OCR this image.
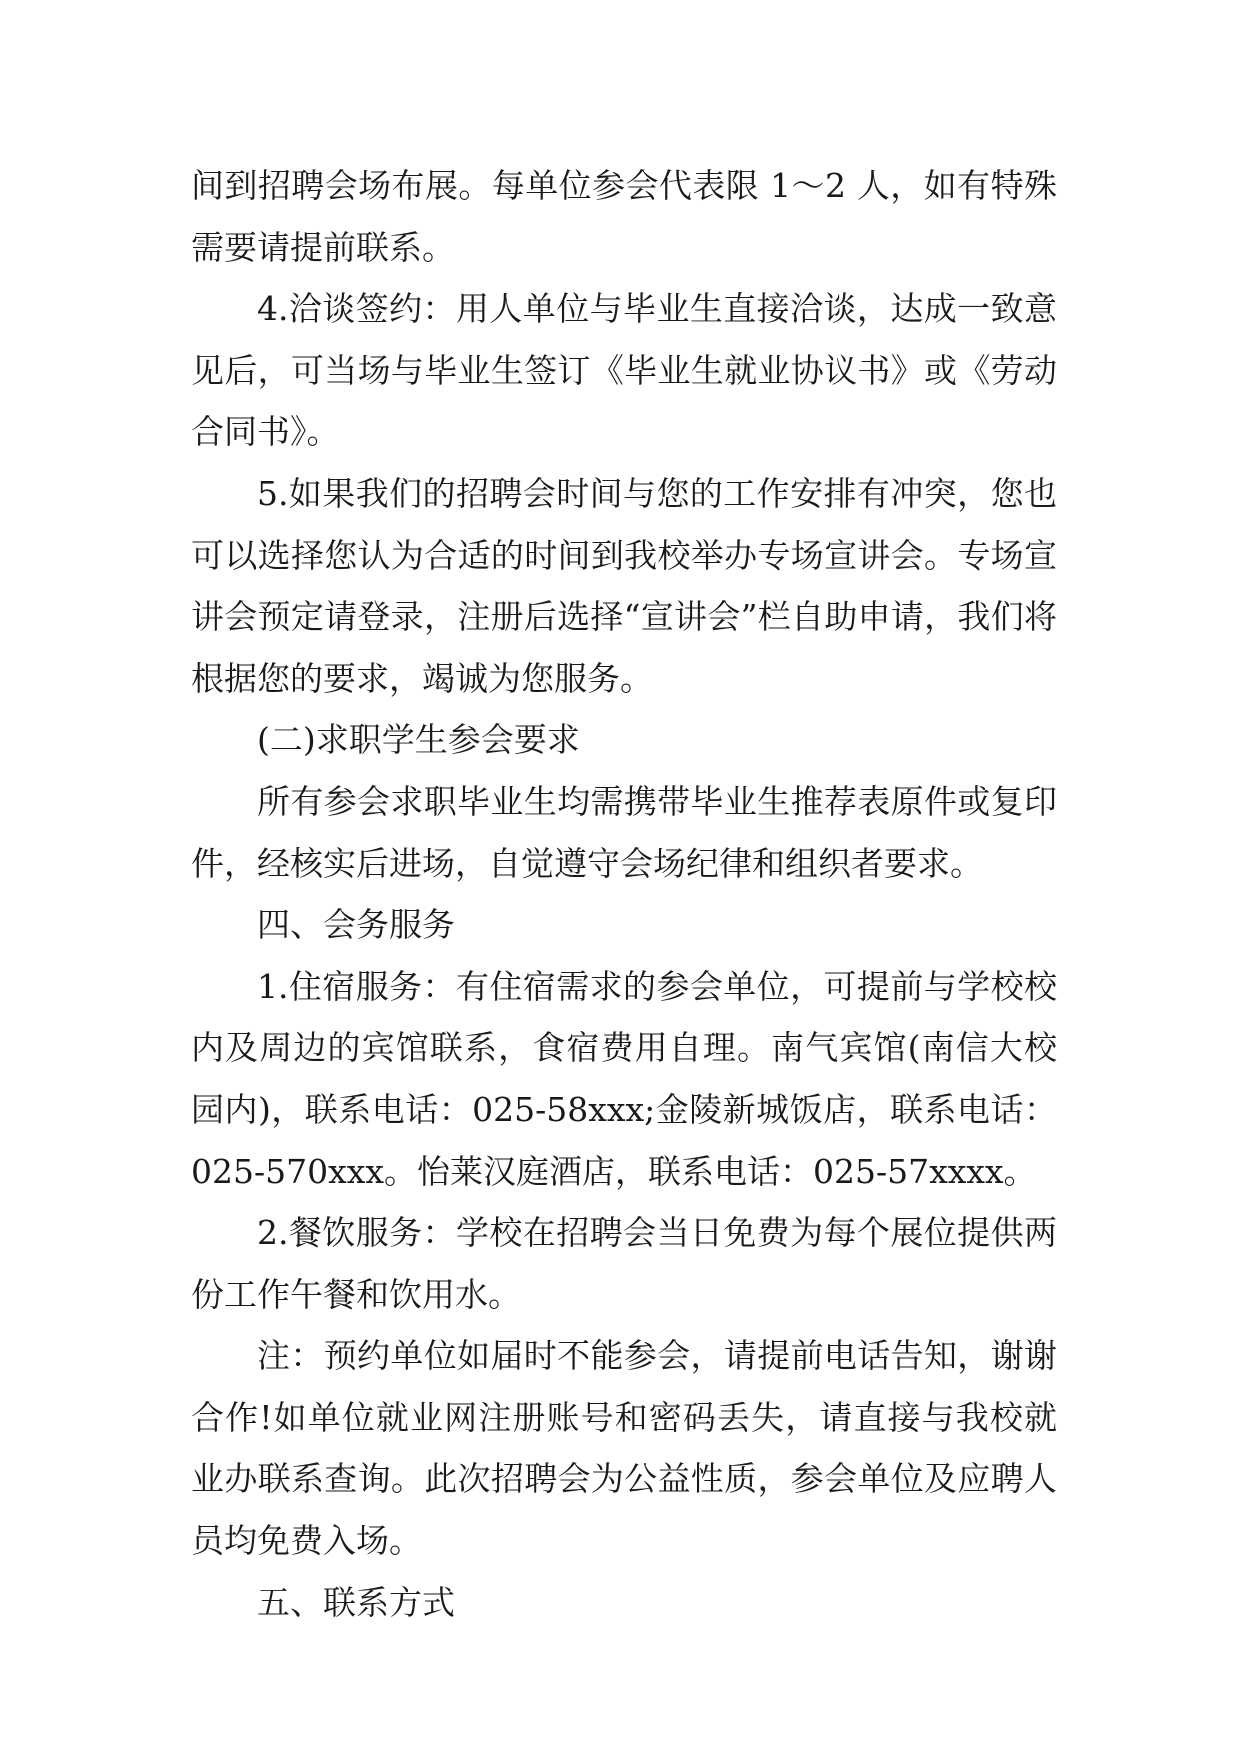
间到招聘会场布展。每单位参会代表限 1～2 人，如有特殊需要请提前联系。

4.洽谈签约：用人单位与毕业生直接洽谈，达成一致意见后，可当场与毕业生签订《毕业生就业协议书》或《劳动合同书》。

5.如果我们的招聘会时间与您的工作安排有冲突，您也可以选择您认为合适的时间到我校举办专场宣讲会。专场宣讲会预定请登录，注册后选择“宣讲会”栏自助申请，我们将根据您的要求，竭诚为您服务。

(二)求职学生参会要求

所有参会求职毕业生均需携带毕业生推荐表原件或复印件，经核实后进场，自觉遵守会场纪律和组织者要求。

四、会务服务

1.住宿服务：有住宿需求的参会单位，可提前与学校校内及周边的宾馆联系，食宿费用自理。南气宾馆(南信大校园内)，联系电话：025-58xxx;金陵新城饭店，联系电话：025-570xxx。怡莱汉庭酒店，联系电话：025-57xxxx。

2.餐饮服务：学校在招聘会当日免费为每个展位提供两份工作午餐和饮用水。

注：预约单位如届时不能参会，请提前电话告知，谢谢合作!如单位就业网注册账号和密码丢失，请直接与我校就业办联系查询。此次招聘会为公益性质，参会单位及应聘人员均免费入场。

五、联系方式
